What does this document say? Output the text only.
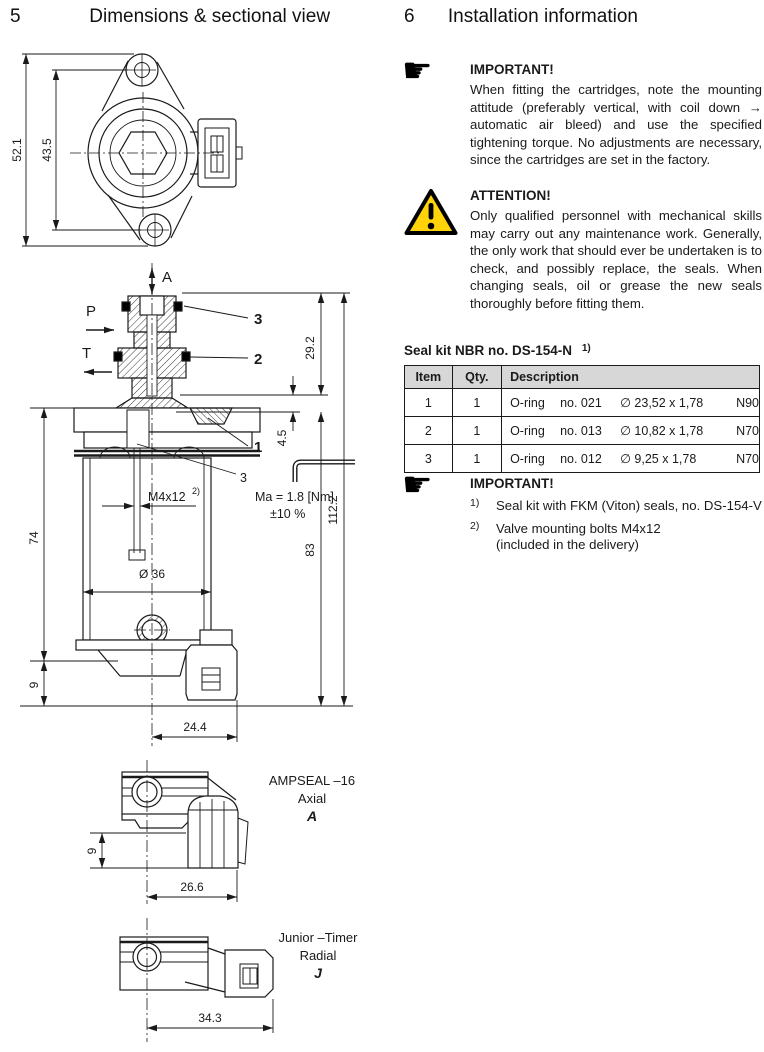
5	Dimensions & sectional view	6 Installation information
52.1 43.5
A
P
T
3
2
1
3
Ma = 1.8 [Nm]
±10 %
M4x12 2)
Ø 36
29.2
4.5
83
112.2
74
9
24.4
9
26.6
AMPSEAL –16
Axial
A
34.3
Junior –Timer
Radial
J
☛	IMPORTANT!
When fitting the cartridges, note the mounting attitude (preferably vertical, with coil down → automatic air bleed) and use the specified tightening torque. No adjustments are necessary, since the cartridges are set in the factory.
ATTENTION!
Only qualified personnel with mechanical skills may carry out any maintenance work. Generally, the only work that should ever be undertaken is to check, and possibly replace, the seals. When changing seals, oil or grease the new seals thoroughly before fitting them.
Seal kit NBR no. DS-154-N $^{1)}$
Item	Qty.	Description
1	1	O-ring no. 021 ∅ 23,52 x 1,78 N90

2	1	O-ring no. 013 ∅ 10,82 x 1,78 N70

3	1	O-ring no. 012 ∅ 9,25 x 1,78 N70
☛	IMPORTANT!
1)	Seal kit with FKM (Viton) seals, no. DS-154-V
2)	Valve mounting bolts M4x12
(included in the delivery)
